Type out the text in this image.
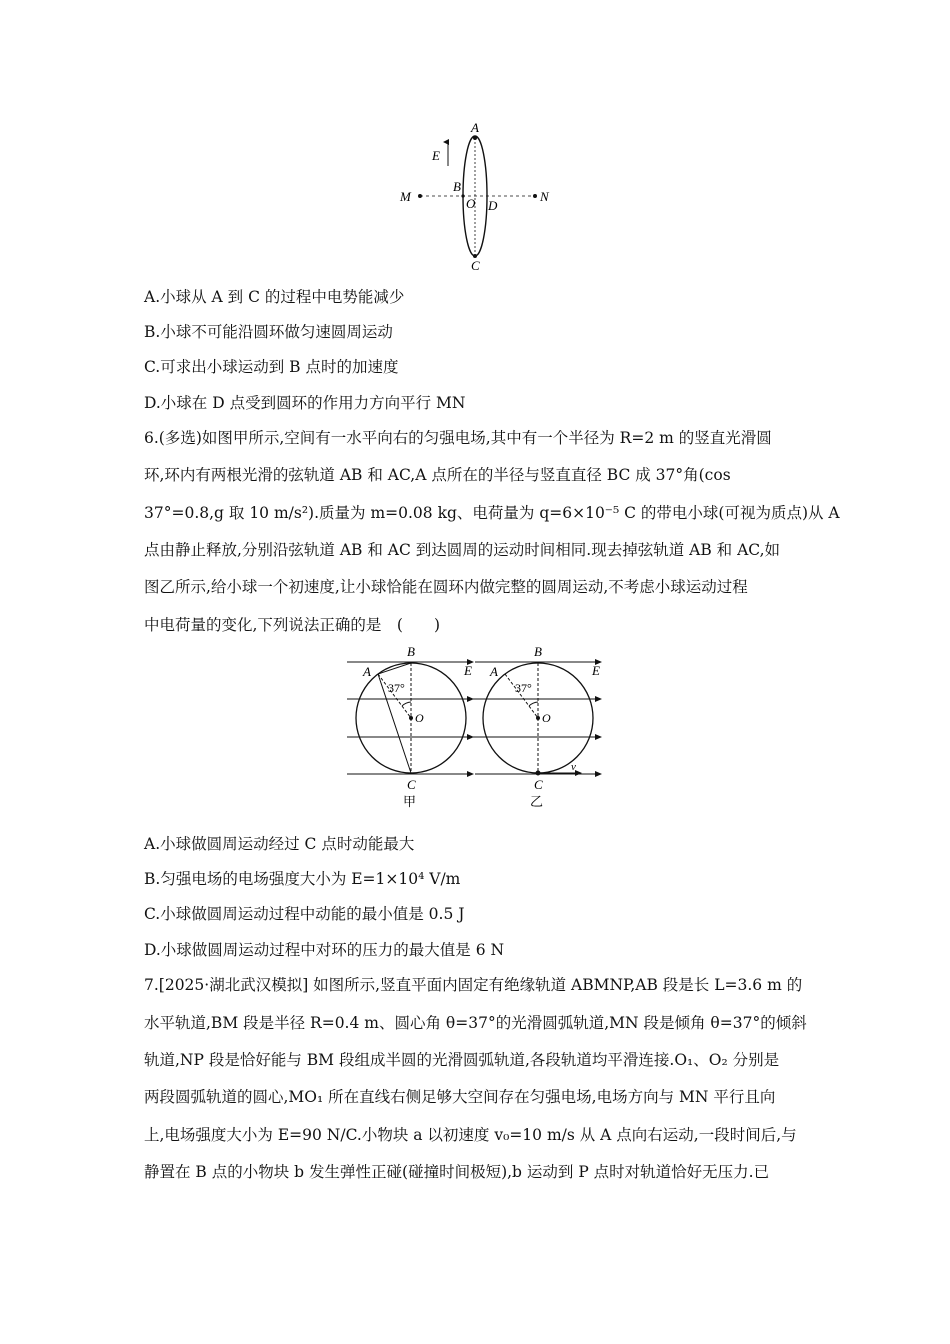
E
A
C
B
O D
M	N
A.小球从 A 到 C 的过程中电势能减少
B.小球不可能沿圆环做匀速圆周运动
C.可求出小球运动到 B 点时的加速度
D.小球在 D 点受到圆环的作用力方向平行 MN
6.(多选)如图甲所示,空间有一水平向右的匀强电场,其中有一个半径为 R=2 m 的竖直光滑圆
环,环内有两根光滑的弦轨道 AB 和 AC,A 点所在的半径与竖直直径 BC 成 37°角(cos
37°=0.8,g 取 10 m/s²).质量为 m=0.08 kg、电荷量为 q=6×10⁻⁵ C 的带电小球(可视为质点)从 A
点由静止释放,分别沿弦轨道 AB 和 AC 到达圆周的运动时间相同.现去掉弦轨道 AB 和 AC,如
图乙所示,给小球一个初速度,让小球恰能在圆环内做完整的圆周运动,不考虑小球运动过程
中电荷量的变化,下列说法正确的是　(　　)
A
B
C
O
37°
E
甲
A
B
C
O
37°
E
v
乙
A.小球做圆周运动经过 C 点时动能最大
B.匀强电场的电场强度大小为 E=1×10⁴ V/m
C.小球做圆周运动过程中动能的最小值是 0.5 J
D.小球做圆周运动过程中对环的压力的最大值是 6 N
7.[2025·湖北武汉模拟] 如图所示,竖直平面内固定有绝缘轨道 ABMNP,AB 段是长 L=3.6 m 的
水平轨道,BM 段是半径 R=0.4 m、圆心角 θ=37°的光滑圆弧轨道,MN 段是倾角 θ=37°的倾斜
轨道,NP 段是恰好能与 BM 段组成半圆的光滑圆弧轨道,各段轨道均平滑连接.O₁、O₂ 分别是
两段圆弧轨道的圆心,MO₁ 所在直线右侧足够大空间存在匀强电场,电场方向与 MN 平行且向
上,电场强度大小为 E=90 N/C.小物块 a 以初速度 v₀=10 m/s 从 A 点向右运动,一段时间后,与
静置在 B 点的小物块 b 发生弹性正碰(碰撞时间极短),b 运动到 P 点时对轨道恰好无压力.已
